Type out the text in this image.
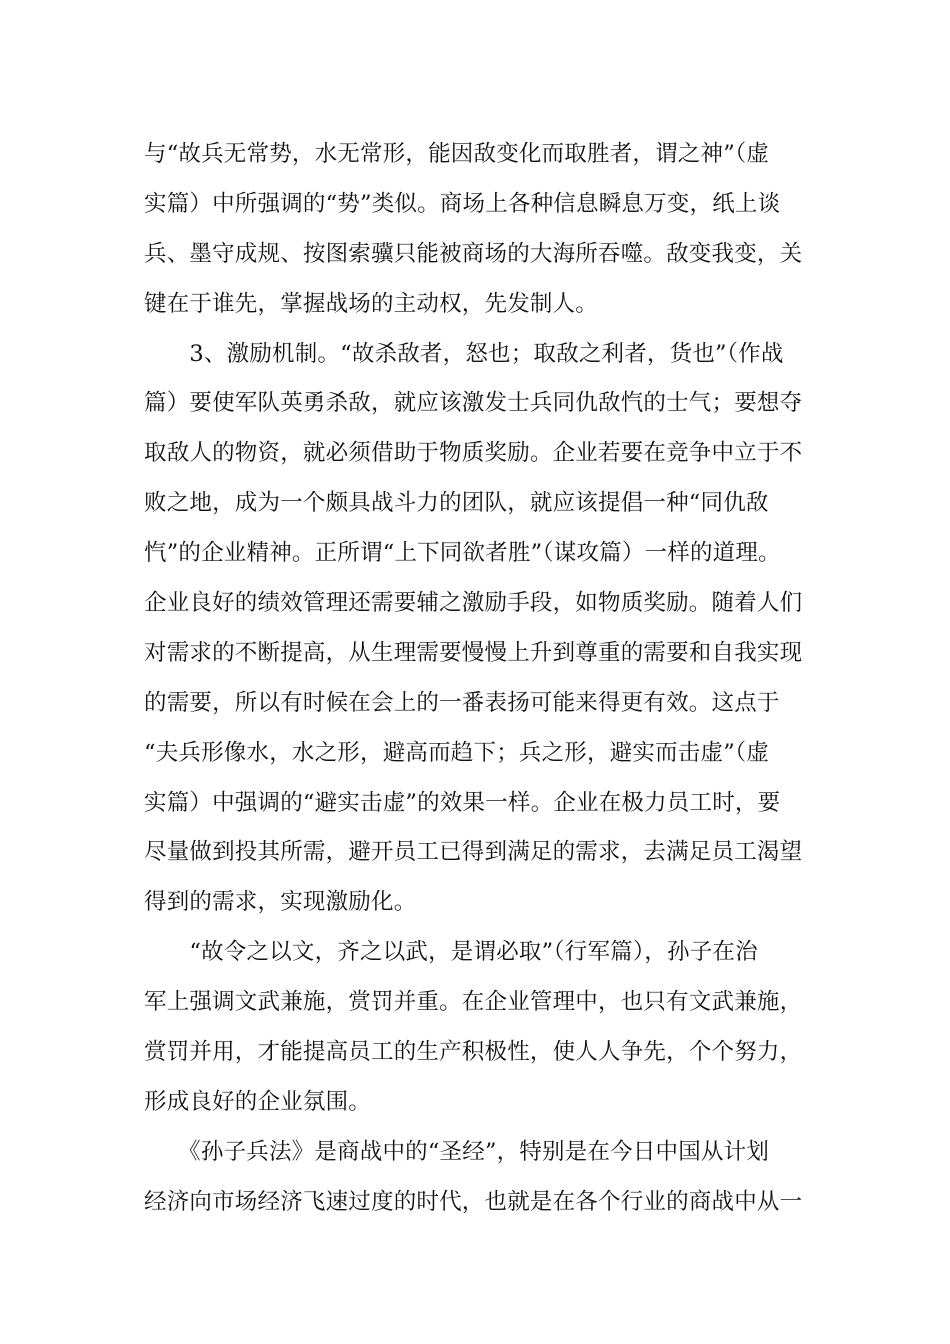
与“故兵无常势，水无常形，能因敌变化而取胜者，谓之神”（虚
实篇）中所强调的“势”类似。商场上各种信息瞬息万变，纸上谈
兵、墨守成规、按图索骥只能被商场的大海所吞噬。敌变我变，关
键在于谁先，掌握战场的主动权，先发制人。
　　3、激励机制。“故杀敌者，怒也；取敌之利者，货也”（作战
篇）要使军队英勇杀敌，就应该激发士兵同仇敌忾的士气；要想夺
取敌人的物资，就必须借助于物质奖励。企业若要在竞争中立于不
败之地，成为一个颇具战斗力的团队，就应该提倡一种“同仇敌
忾”的企业精神。正所谓“上下同欲者胜”（谋攻篇）一样的道理。
企业良好的绩效管理还需要辅之激励手段，如物质奖励。随着人们
对需求的不断提高，从生理需要慢慢上升到尊重的需要和自我实现
的需要，所以有时候在会上的一番表扬可能来得更有效。这点于
“夫兵形像水，水之形，避高而趋下；兵之形，避实而击虚”（虚
实篇）中强调的“避实击虚”的效果一样。企业在极力员工时，要
尽量做到投其所需，避开员工已得到满足的需求，去满足员工渴望
得到的需求，实现激励化。
　　“故令之以文，齐之以武，是谓必取”（行军篇），孙子在治
军上强调文武兼施，赏罚并重。在企业管理中，也只有文武兼施，
赏罚并用，才能提高员工的生产积极性，使人人争先，个个努力，
形成良好的企业氛围。
　　《孙子兵法》是商战中的“圣经”，特别是在今日中国从计划
经济向市场经济飞速过度的时代，也就是在各个行业的商战中从一
